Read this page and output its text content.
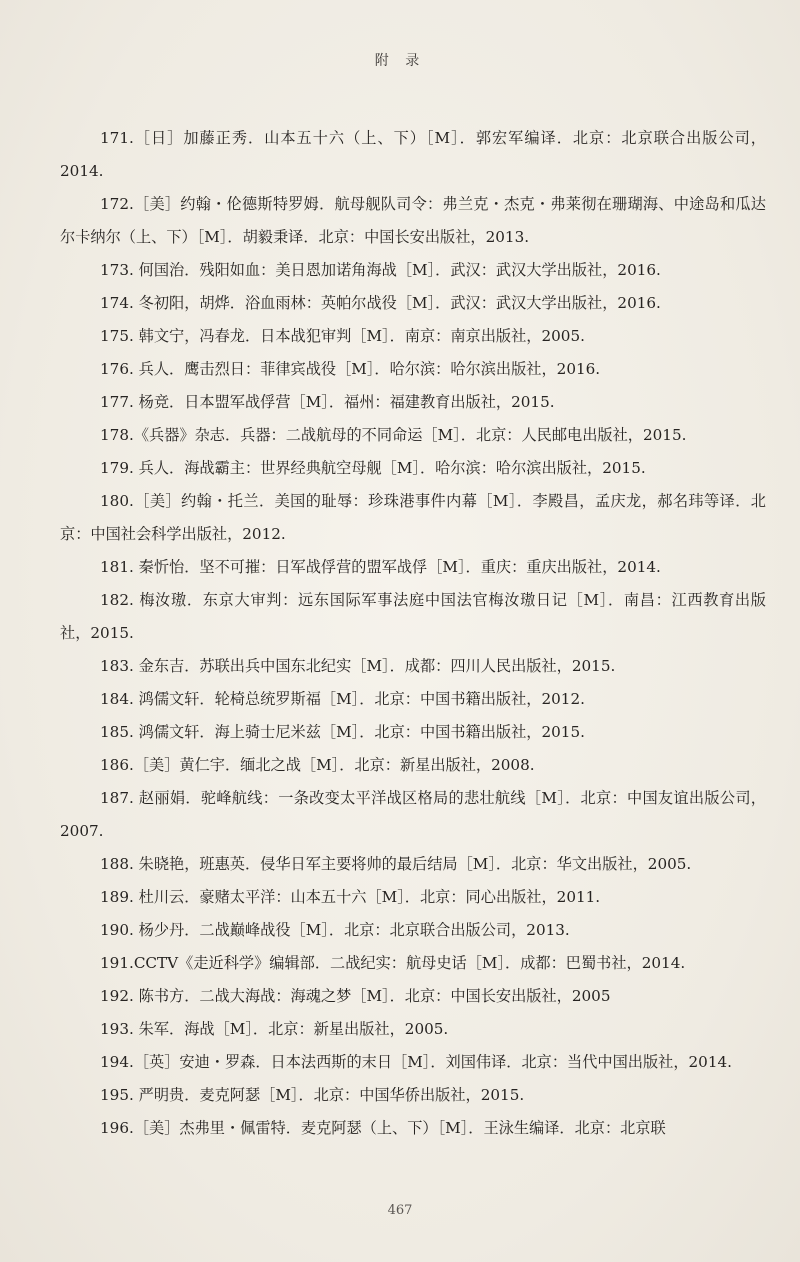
附 录
171.［日］加藤正秀．山本五十六（上、下）［M］．郭宏军编译．北京：北京联合出版公司，2014.
172.［美］约翰・伦德斯特罗姆．航母舰队司令：弗兰克・杰克・弗莱彻在珊瑚海、中途岛和瓜达尔卡纳尔（上、下）［M］．胡毅秉译．北京：中国长安出版社，2013.
173. 何国治．残阳如血：美日恩加诺角海战［M］．武汉：武汉大学出版社，2016.
174. 冬初阳，胡烨．浴血雨林：英帕尔战役［M］．武汉：武汉大学出版社，2016.
175. 韩文宁，冯春龙．日本战犯审判［M］．南京：南京出版社，2005.
176. 兵人．鹰击烈日：菲律宾战役［M］．哈尔滨：哈尔滨出版社，2016.
177. 杨竞．日本盟军战俘营［M］．福州：福建教育出版社，2015.
178.《兵器》杂志．兵器：二战航母的不同命运［M］．北京：人民邮电出版社，2015.
179. 兵人．海战霸主：世界经典航空母舰［M］．哈尔滨：哈尔滨出版社，2015.
180.［美］约翰・托兰．美国的耻辱：珍珠港事件内幕［M］．李殿昌，孟庆龙，郝名玮等译．北京：中国社会科学出版社，2012.
181. 秦忻怡．坚不可摧：日军战俘营的盟军战俘［M］．重庆：重庆出版社，2014.
182. 梅汝璈．东京大审判：远东国际军事法庭中国法官梅汝璈日记［M］．南昌：江西教育出版社，2015.
183. 金东吉．苏联出兵中国东北纪实［M］．成都：四川人民出版社，2015.
184. 鸿儒文轩．轮椅总统罗斯福［M］．北京：中国书籍出版社，2012.
185. 鸿儒文轩．海上骑士尼米兹［M］．北京：中国书籍出版社，2015.
186.［美］黄仁宇．缅北之战［M］．北京：新星出版社，2008.
187. 赵丽娟．驼峰航线：一条改变太平洋战区格局的悲壮航线［M］．北京：中国友谊出版公司，2007.
188. 朱晓艳，班惠英．侵华日军主要将帅的最后结局［M］．北京：华文出版社，2005.
189. 杜川云．豪赌太平洋：山本五十六［M］．北京：同心出版社，2011.
190. 杨少丹．二战巅峰战役［M］．北京：北京联合出版公司，2013.
191.CCTV《走近科学》编辑部．二战纪实：航母史话［M］．成都：巴蜀书社，2014.
192. 陈书方．二战大海战：海魂之梦［M］．北京：中国长安出版社，2005
193. 朱军．海战［M］．北京：新星出版社，2005.
194.［英］安迪・罗森．日本法西斯的末日［M］．刘国伟译．北京：当代中国出版社，2014.
195. 严明贵．麦克阿瑟［M］．北京：中国华侨出版社，2015.
196.［美］杰弗里・佩雷特．麦克阿瑟（上、下）［M］．王泳生编译．北京：北京联
467
